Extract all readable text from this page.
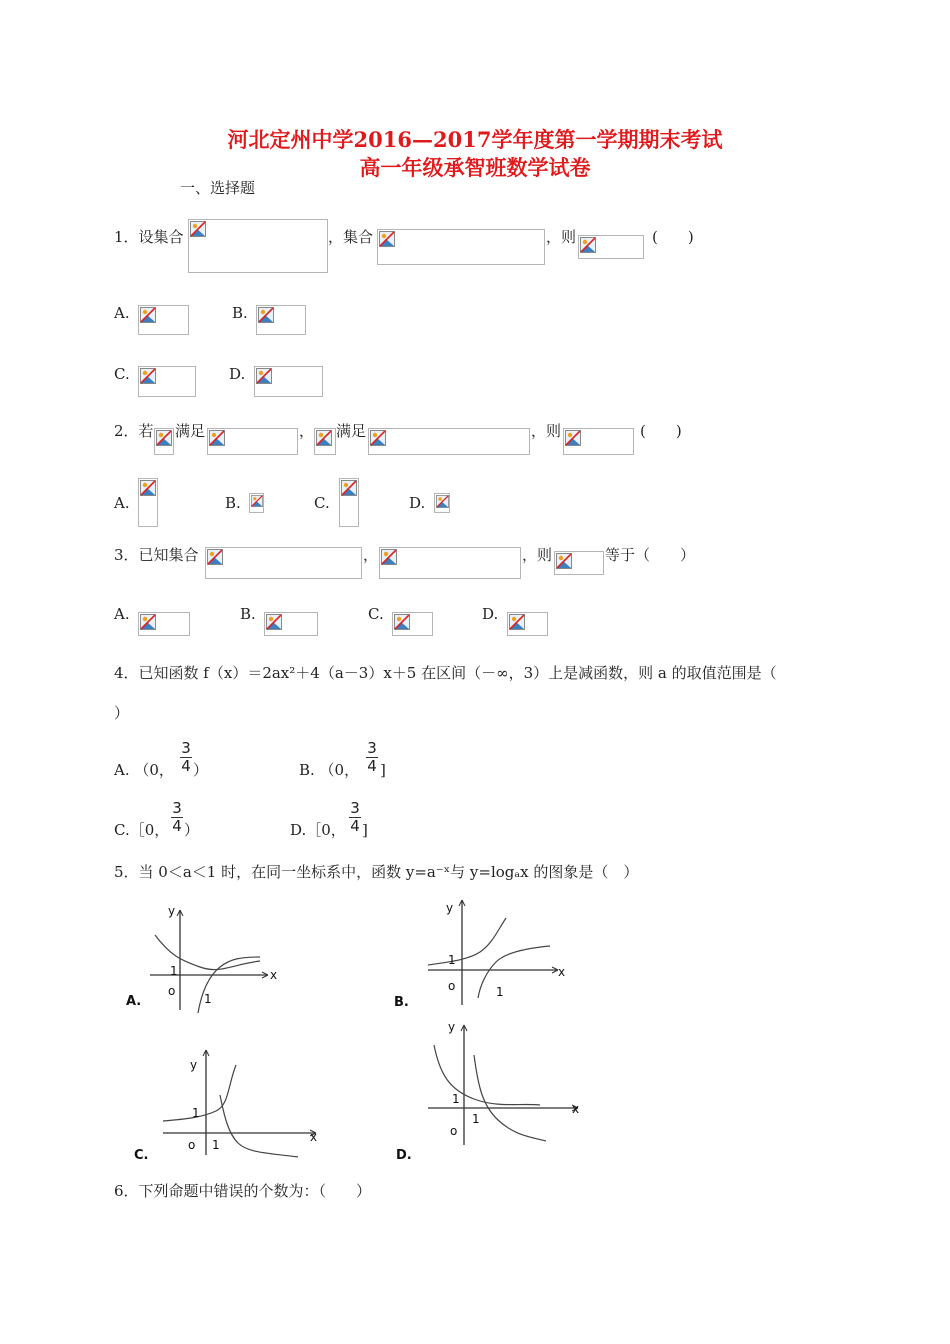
河北定州中学2016—2017学年度第一学期期末考试
高一年级承智班数学试卷
一、选择题
1．设集合	，集合	，则	(　　)
A.	B.
C.	D.
2．若 满足	， 满足	，则	(　　)
A.	B.	C.	D.
3．已知集合	，	，则	等于（　　）
A.	B.	C.	D.
4．已知函数 f（x）＝2ax²＋4（a－3）x＋5 在区间（－∞，3）上是减函数，则 a 的取值范围是（
）
A. （0，
3
4 ）	B. （0，
3
4 ]
C.［0，
3
4 ）	D.［0，
3
4 ]
5．当 0＜a＜1 时，在同一坐标系中，函数 y=a⁻ˣ与 y=logₐx 的图象是（　）
y
x
1
o
1
A.
y
x
1
o	1
B.
y
x
1
o 1
C.
y
x
1
o
1
D.
6．下列命题中错误的个数为：（　　）
